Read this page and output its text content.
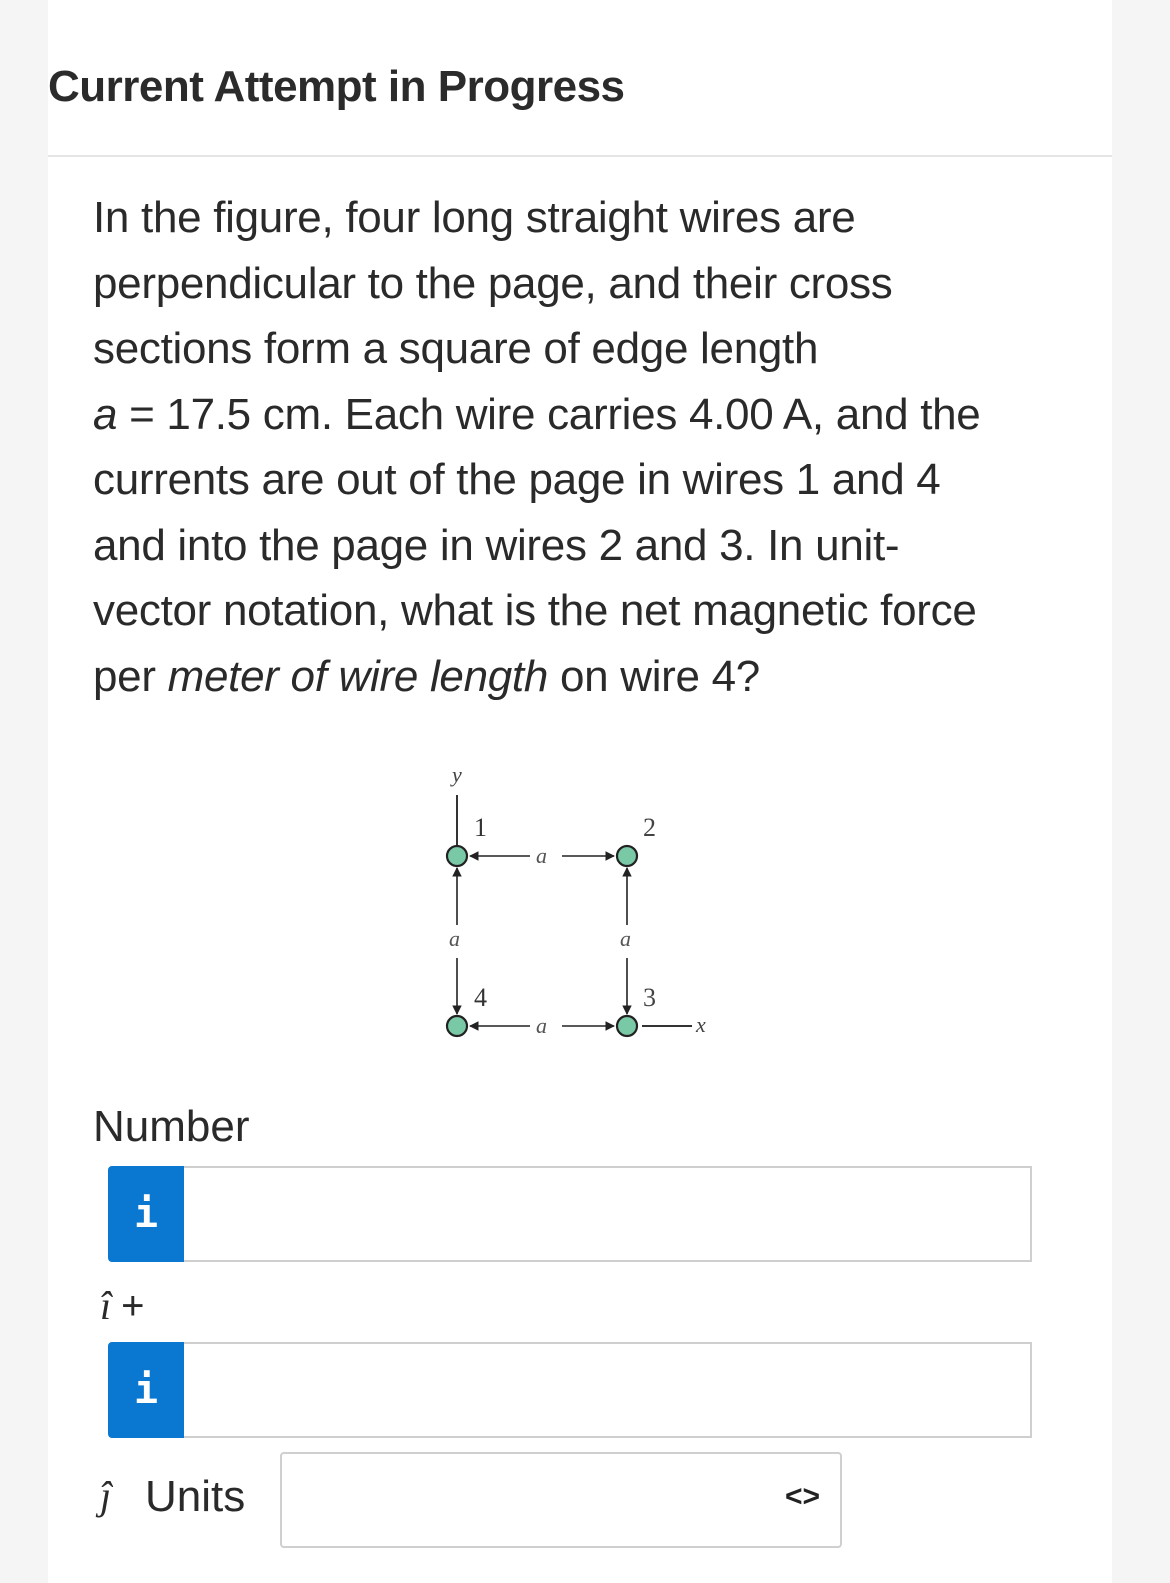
Current Attempt in Progress
In the figure, four long straight wires are
perpendicular to the page, and their cross
sections form a square of edge length
a = 17.5 cm. Each wire carries 4.00 A, and the
currents are out of the page in wires 1 and 4
and into the page in wires 2 and 3. In unit-
vector notation, what is the net magnetic force
per meter of wire length on wire 4?
y
x
a
a
a	a
1	2
3
4
Number
i
î +
i
ĵ Units	<>
